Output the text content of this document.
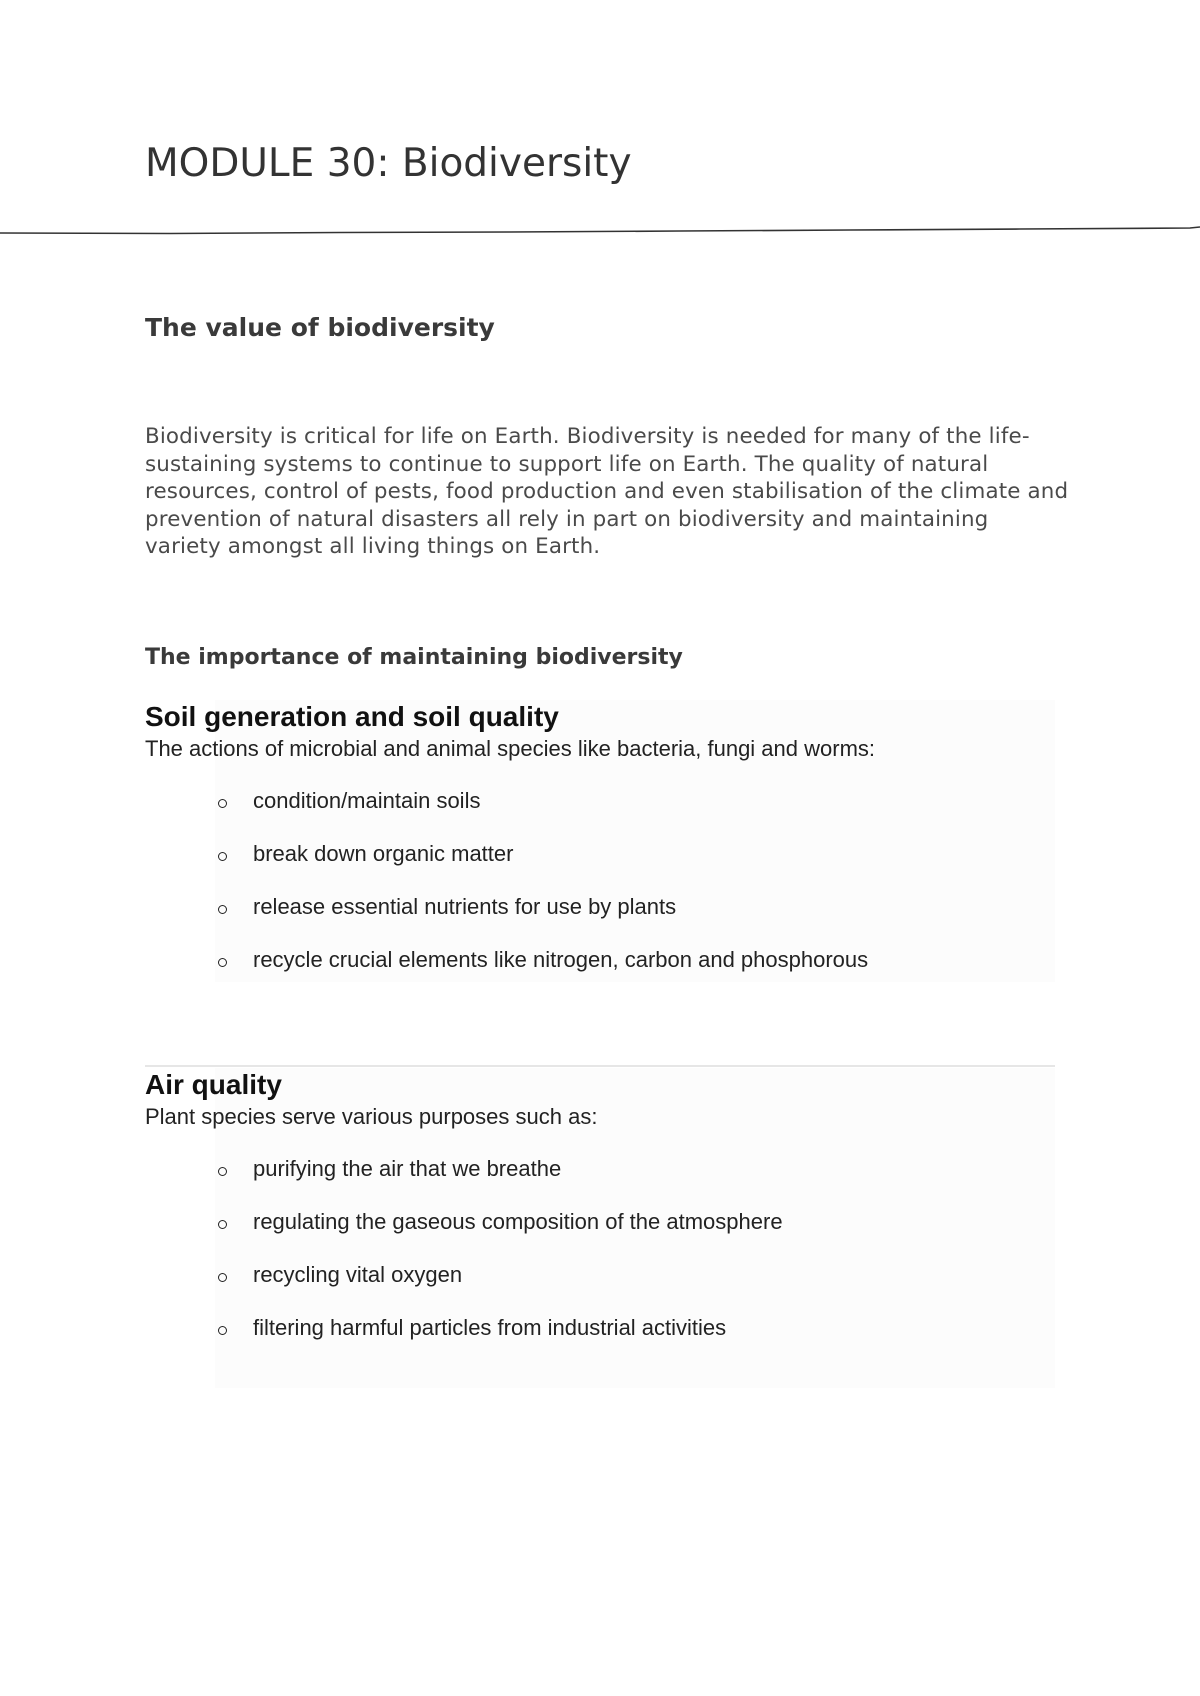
MODULE 30: Biodiversity
The value of biodiversity

Biodiversity is critical for life on Earth. Biodiversity is needed for many of the life-sustaining systems to continue to support life on Earth. The quality of natural resources, control of pests, food production and even stabilisation of the climate and prevention of natural disasters all rely in part on biodiversity and maintaining variety amongst all living things on Earth.

The importance of maintaining biodiversity
Soil generation and soil quality

The actions of microbial and animal species like bacteria, fungi and worms:

condition/maintain soils
break down organic matter
release essential nutrients for use by plants
recycle crucial elements like nitrogen, carbon and phosphorous
Air quality

Plant species serve various purposes such as:

purifying the air that we breathe
regulating the gaseous composition of the atmosphere
recycling vital oxygen
filtering harmful particles from industrial activities
